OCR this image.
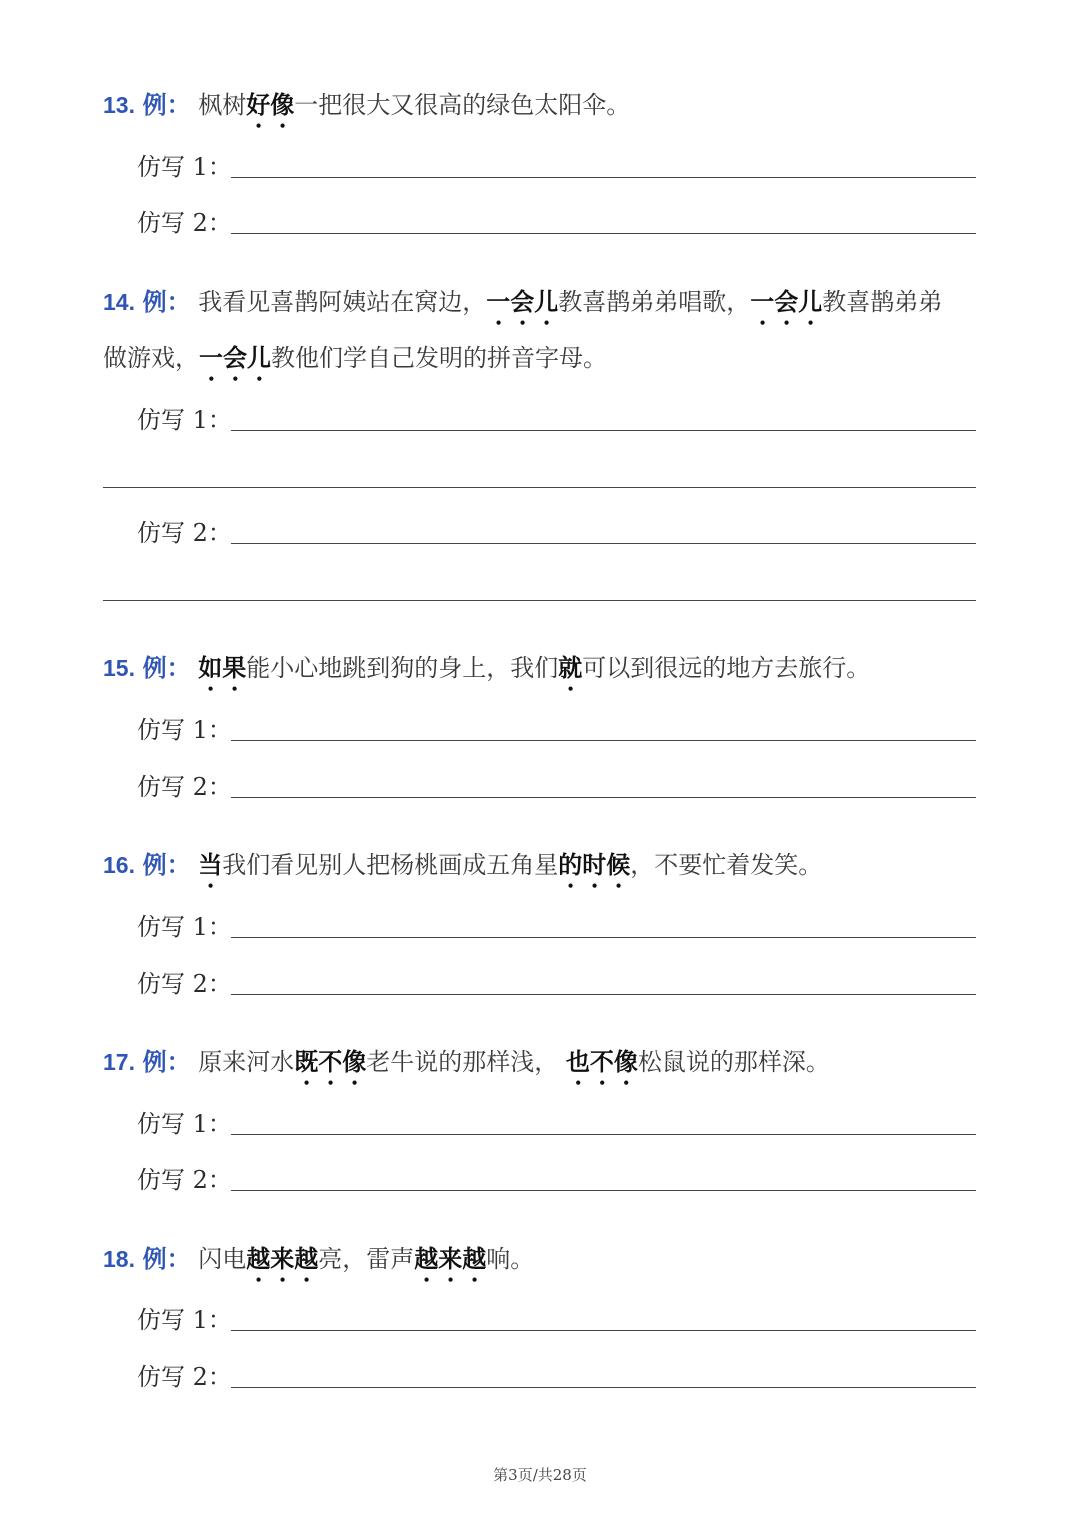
13. 例： 枫树好像一把很大又很高的绿色太阳伞。
仿写 1：
仿写 2：
14. 例： 我看见喜鹊阿姨站在窝边，一会儿教喜鹊弟弟唱歌，一会儿教喜鹊弟弟
做游戏，一会儿教他们学自己发明的拼音字母。
仿写 1：
仿写 2：
15. 例： 如果能小心地跳到狗的身上，我们就可以到很远的地方去旅行。
仿写 1：
仿写 2：
16. 例： 当我们看见别人把杨桃画成五角星的时候，不要忙着发笑。
仿写 1：
仿写 2：
17. 例： 原来河水既不像老牛说的那样浅， 也不像松鼠说的那样深。
仿写 1：
仿写 2：
18. 例： 闪电越来越亮，雷声越来越响。
仿写 1：
仿写 2：
第3页/共28页
